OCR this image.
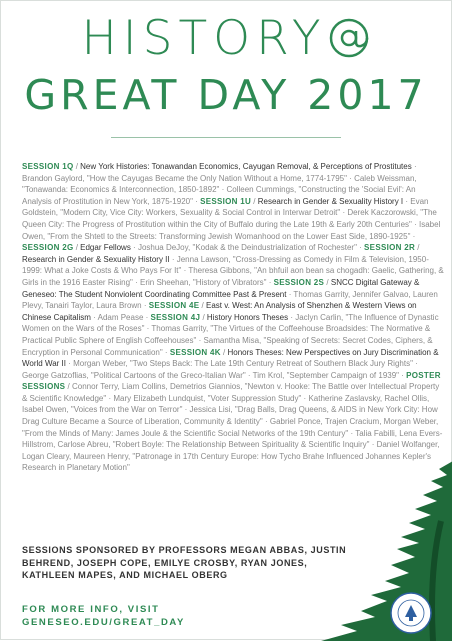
HISTORY
GREAT DAY 2017
SESSION 1Q / New York Histories: Tonawandan Economics, Cayugan Removal, & Perceptions of Prostitutes · Brandon Gaylord, "How the Cayugas Became the Only Nation Without a Home, 1774-1795" · Caleb Weissman, "Tonawanda: Economics & Interconnection, 1850-1892" · Colleen Cummings, "Constructing the 'Social Evil': An Analysis of Prostitution in New York, 1875-1920" · SESSION 1U / Research in Gender & Sexuality History I · Evan Goldstein, "Modern City, Vice City: Workers, Sexuality & Social Control in Interwar Detroit" · Derek Kaczorowski, "The Queen City: The Progress of Prostitution within the City of Buffalo during the Late 19th & Early 20th Centuries" · Isabel Owen, "From the Shtetl to the Streets: Transforming Jewish Womanhood on the Lower East Side, 1890-1925" · SESSION 2G / Edgar Fellows · Joshua DeJoy, "Kodak & the Deindustrialization of Rochester" · SESSION 2R / Research in Gender & Sexuality History II · Jenna Lawson, "Cross-Dressing as Comedy in Film & Television, 1950-1999: What a Joke Costs & Who Pays For It" · Theresa Gibbons, "An bhfuil aon bean sa chogadh: Gaelic, Gathering, & Girls in the 1916 Easter Rising" · Erin Sheehan, "History of Vibrators" · SESSION 2S / SNCC Digital Gateway & Geneseo: The Student Nonviolent Coordinating Committee Past & Present · Thomas Garrity, Jennifer Galvao, Lauren Plevy, Tanairi Taylor, Laura Brown · SESSION 4E / East v. West: An Analysis of Shenzhen & Western Views on Chinese Capitalism · Adam Pease · SESSION 4J / History Honors Theses · Jaclyn Carlin, "The Influence of Dynastic Women on the Wars of the Roses" · Thomas Garrity, "The Virtues of the Coffeehouse Broadsides: The Normative & Practical Public Sphere of English Coffeehouses" · Samantha Misa, "Speaking of Secrets: Secret Codes, Ciphers, & Encryption in Personal Communication" · SESSION 4K / Honors Theses: New Perspectives on Jury Discrimination & World War II · Morgan Weber, "Two Steps Back: The Late 19th Century Retreat of Southern Black Jury Rights" · George Gatzoflias, "Political Cartoons of the Greco-Italian War" · Tim Krol, "September Campaign of 1939" · POSTER SESSIONS / Connor Terry, Liam Collins, Demetrios Giannios, "Newton v. Hooke: The Battle over Intellectual Property & Scientific Knowledge" · Mary Elizabeth Lundquist, "Voter Suppression Study" · Katherine Zaslavsky, Rachel Ollis, Isabel Owen, "Voices from the War on Terror" · Jessica Lisi, "Drag Balls, Drag Queens, & AIDS in New York City: How Drag Culture Became a Source of Liberation, Community & Identity" · Gabriel Ponce, Trajen Cracium, Morgan Weber, "From the Minds of Many: James Joule & the Scientific Social Networks of the 19th Century" · Talia Fabilli, Lena Evers-Hillstrom, Carlose Abreu, "Robert Boyle: The Relationship Between Spirituality & Scientific Inquiry" · Daniel Wolfanger, Logan Cleary, Maureen Henry, "Patronage in 17th Century Europe: How Tycho Brahe Influenced Johannes Kepler's Research in Planetary Motion"
SESSIONS SPONSORED BY PROFESSORS MEGAN ABBAS, JUSTIN BEHREND, JOSEPH COPE, EMILYE CROSBY, RYAN JONES, KATHLEEN MAPES, AND MICHAEL OBERG
FOR MORE INFO, VISIT
GENESEO.EDU/GREAT_DAY
